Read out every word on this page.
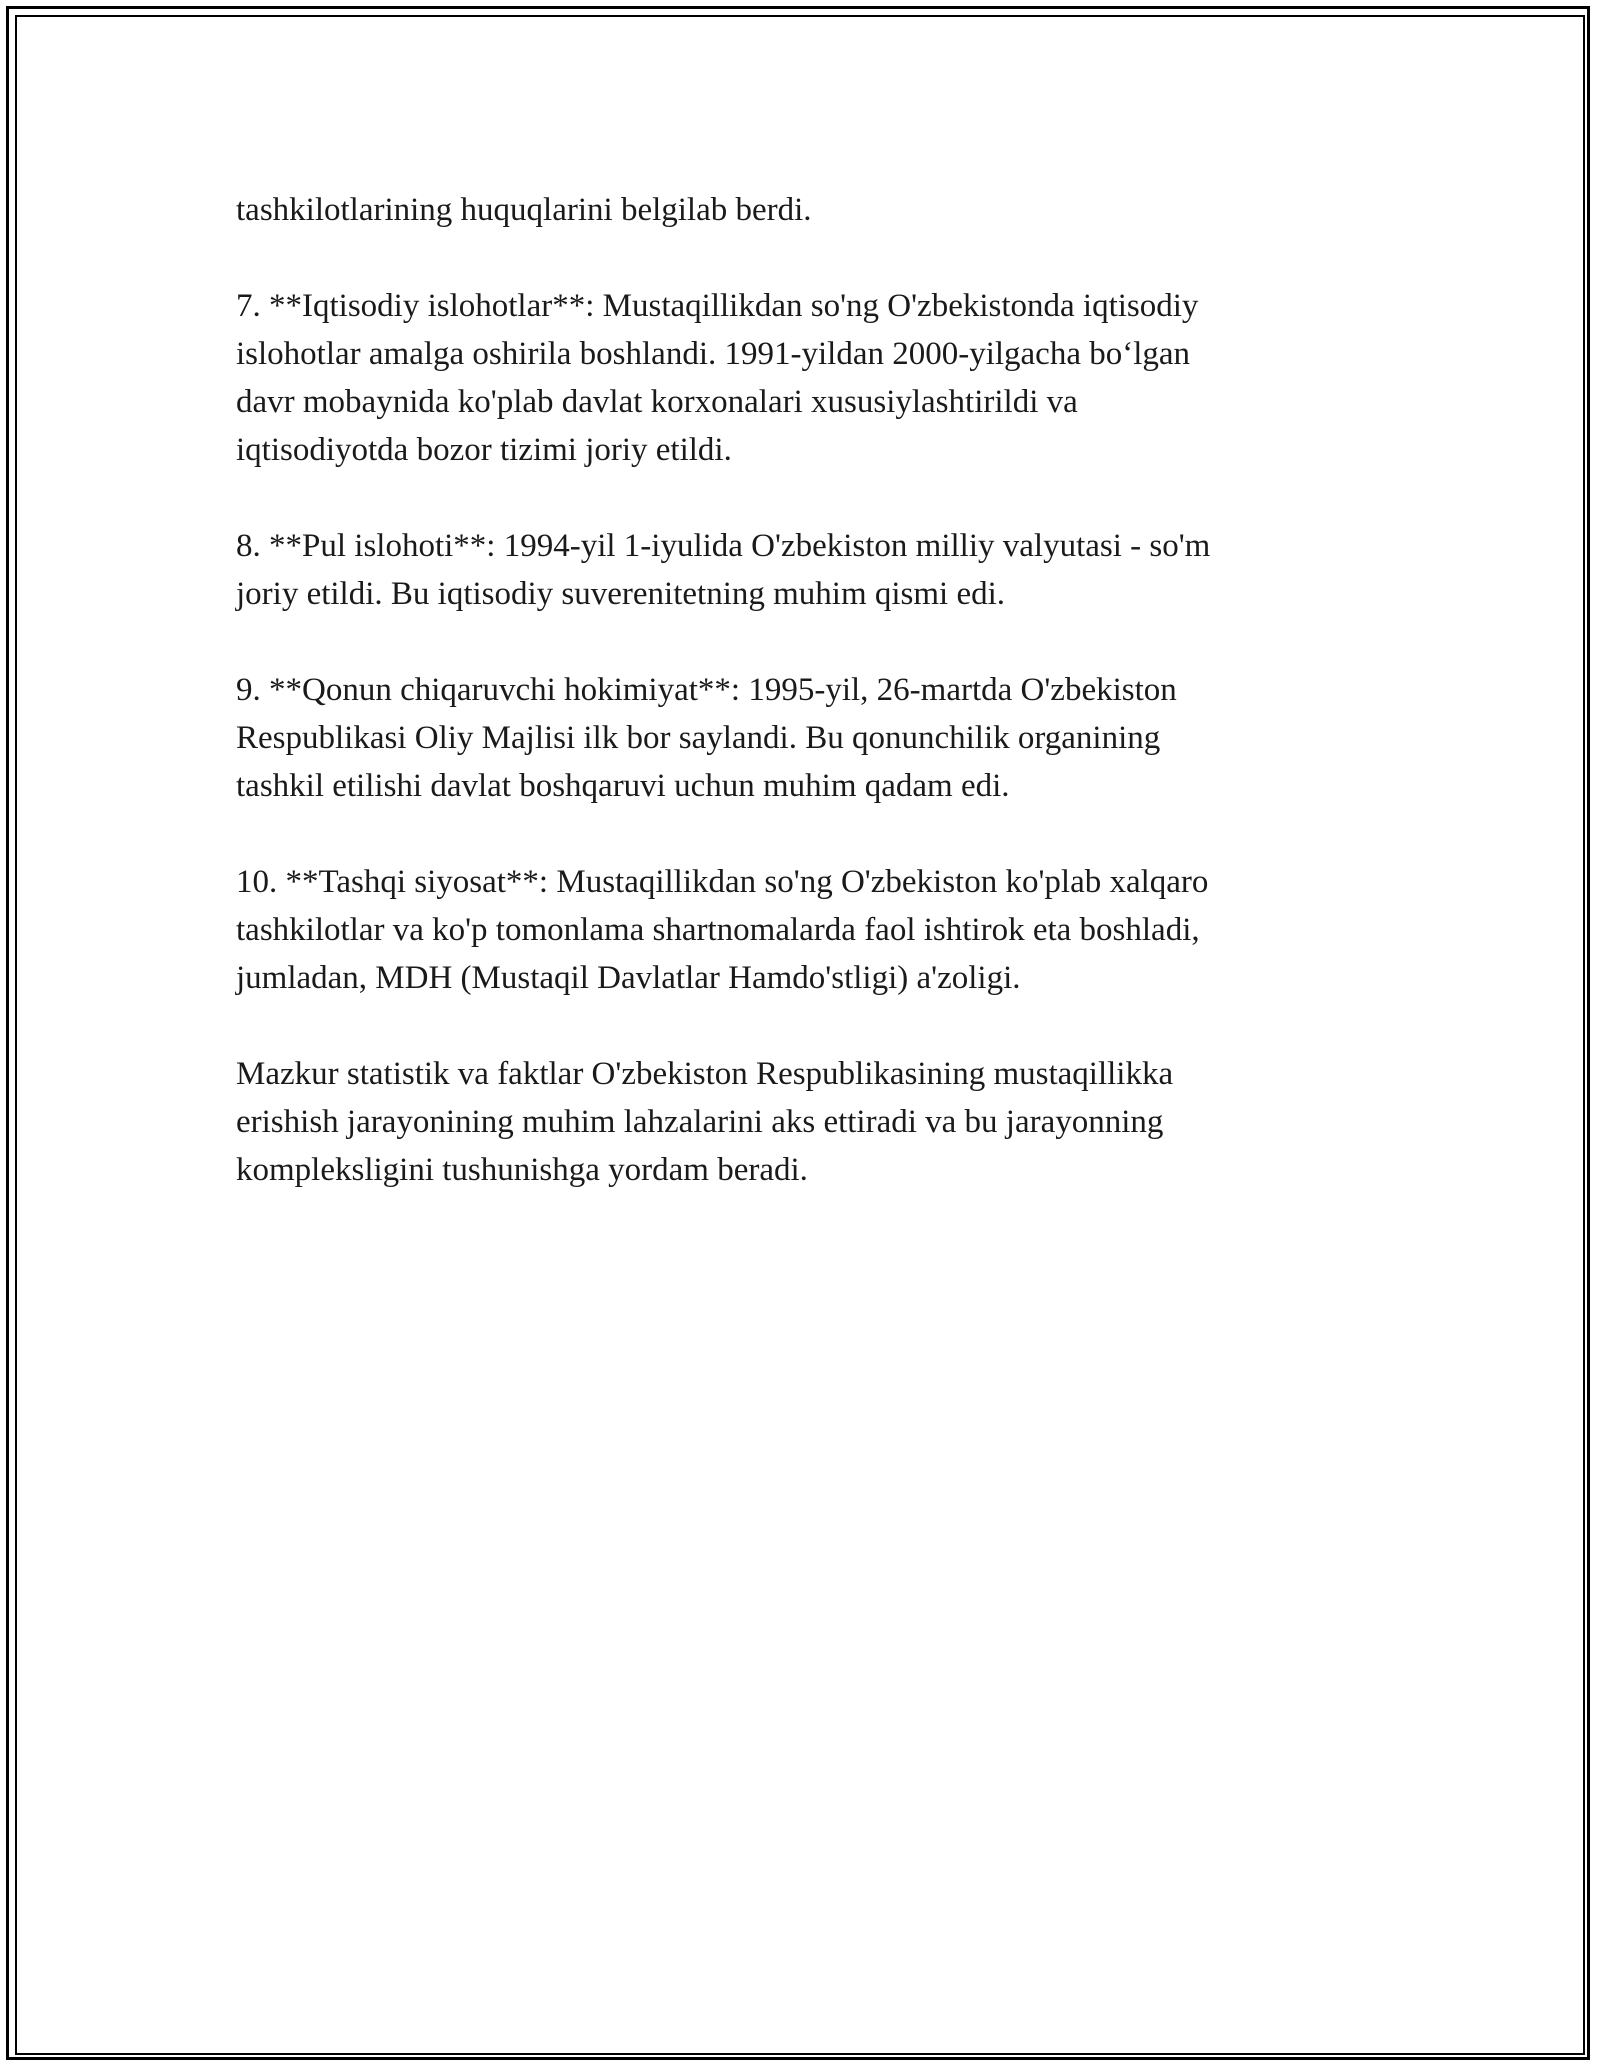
tashkilotlarining huquqlarini belgilab berdi.

7. **Iqtisodiy islohotlar**: Mustaqillikdan so'ng O'zbekistonda iqtisodiy
islohotlar amalga oshirila boshlandi. 1991-yildan 2000-yilgacha bo‘lgan
davr mobaynida ko'plab davlat korxonalari xususiylashtirildi va
iqtisodiyotda bozor tizimi joriy etildi.

8. **Pul islohoti**: 1994-yil 1-iyulida O'zbekiston milliy valyutasi - so'm
joriy etildi. Bu iqtisodiy suverenitetning muhim qismi edi.

9. **Qonun chiqaruvchi hokimiyat**: 1995-yil, 26-martda O'zbekiston
Respublikasi Oliy Majlisi ilk bor saylandi. Bu qonunchilik organining
tashkil etilishi davlat boshqaruvi uchun muhim qadam edi.

10. **Tashqi siyosat**: Mustaqillikdan so'ng O'zbekiston ko'plab xalqaro
tashkilotlar va ko'p tomonlama shartnomalarda faol ishtirok eta boshladi,
jumladan, MDH (Mustaqil Davlatlar Hamdo'stligi) a'zoligi.

Mazkur statistik va faktlar O'zbekiston Respublikasining mustaqillikka
erishish jarayonining muhim lahzalarini aks ettiradi va bu jarayonning
kompleksligini tushunishga yordam beradi.
